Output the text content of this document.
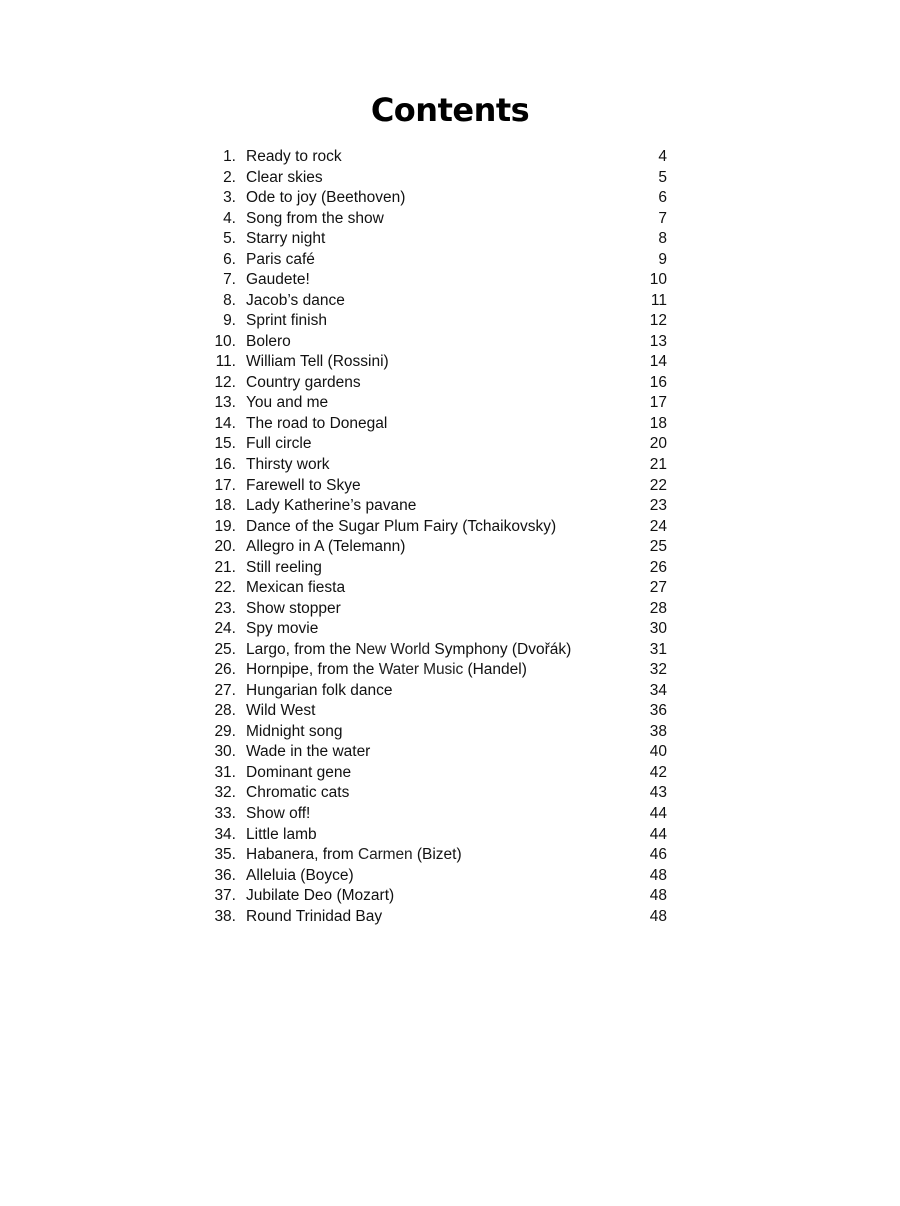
Contents
1. Ready to rock	4
2. Clear skies	5
3. Ode to joy (Beethoven)	6
4. Song from the show	7
5. Starry night	8
6. Paris café	9
7. Gaudete!	10
8. Jacob’s dance	11
9. Sprint finish	12
10. Bolero	13
11. William Tell (Rossini)	14
12. Country gardens	16
13. You and me	17
14. The road to Donegal	18
15. Full circle	20
16. Thirsty work	21
17. Farewell to Skye	22
18. Lady Katherine’s pavane	23
19. Dance of the Sugar Plum Fairy (Tchaikovsky)	24
20. Allegro in A (Telemann)	25
21. Still reeling	26
22. Mexican fiesta	27
23. Show stopper	28
24. Spy movie	30
25. Largo, from the New World Symphony (Dvořák)	31
26. Hornpipe, from the Water Music (Handel)	32
27. Hungarian folk dance	34
28. Wild West	36
29. Midnight song	38
30. Wade in the water	40
31. Dominant gene	42
32. Chromatic cats	43
33. Show off!	44
34. Little lamb	44
35. Habanera, from Carmen (Bizet)	46
36. Alleluia (Boyce)	48
37. Jubilate Deo (Mozart)	48
38. Round Trinidad Bay	48
